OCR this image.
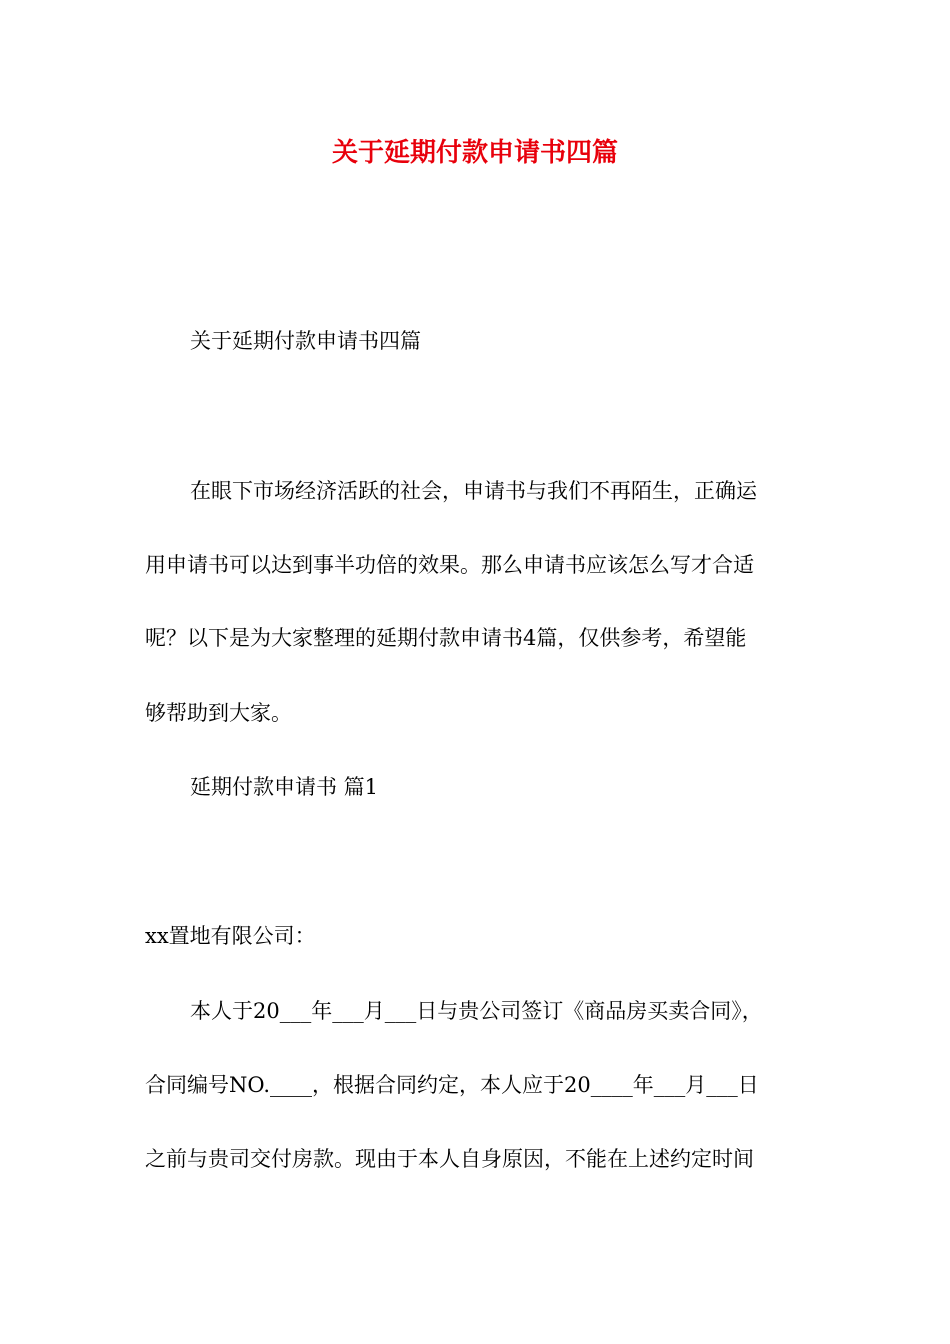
关于延期付款申请书四篇
关于延期付款申请书四篇
在眼下市场经济活跃的社会，申请书与我们不再陌生，正确运
用申请书可以达到事半功倍的效果。那么申请书应该怎么写才合适
呢？以下是为大家整理的延期付款申请书4篇，仅供参考，希望能
够帮助到大家。
延期付款申请书 篇1
xx置地有限公司：
本人于20___年___月___日与贵公司签订《商品房买卖合同》，
合同编号NO.____，根据合同约定，本人应于20____年___月___日
之前与贵司交付房款。现由于本人自身原因，不能在上述约定时间
